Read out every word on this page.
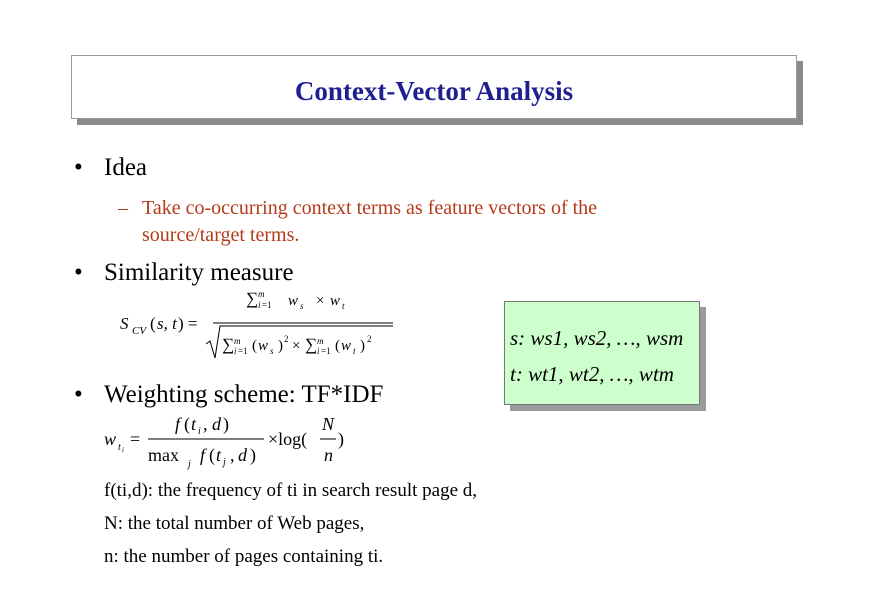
Context-Vector Analysis
• Idea
– Take co-occurring context terms as feature vectors of the
source/target terms.
• Similarity measure
S CV ( s, t ) =
∑ m
i =1 w s × w t
∑ m
i =1 ( w s ) 2 × ∑ m
i =1 ( w t ) 2
• Weighting scheme: TF*IDF
w t i
=
f ( t i , d )
max j f ( t j , d )
×log(
N
n
)
f(ti,d): the frequency of ti in search result page d,
N: the total number of Web pages,
n: the number of pages containing ti.
s: ws1, ws2, …, wsm
t: wt1, wt2, …, wtm
